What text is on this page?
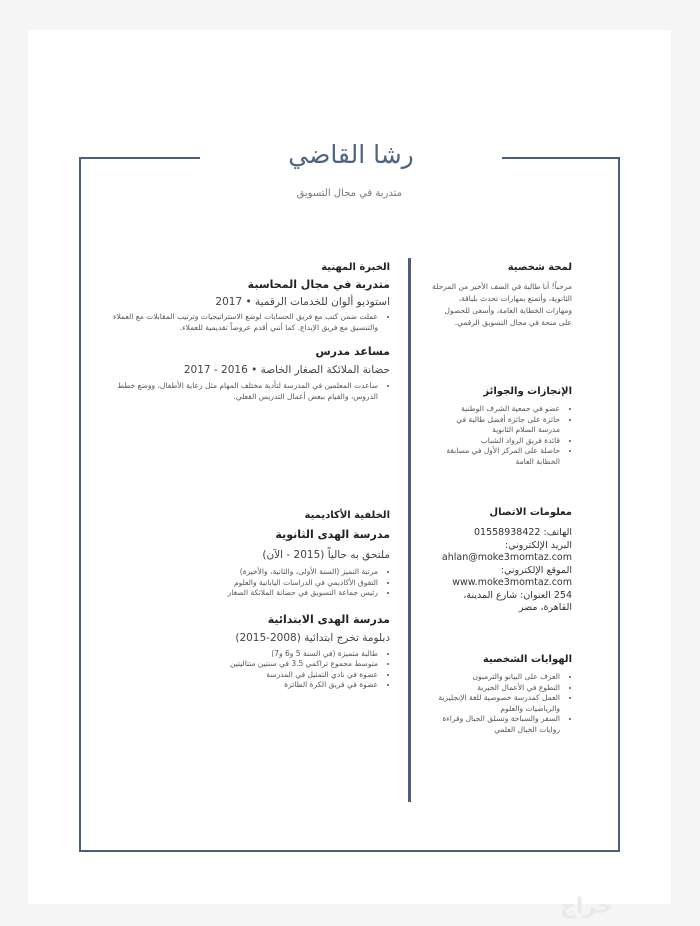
رشا القاضي
متدربة في مجال التسويق
لمحة شخصية
مرحباً! أنا طالبة في الصف الأخير من المرحلة الثانوية، وأتمتع بمهارات تحدث بلباقة، ومهارات الخطابة العامة، وأسعى للحصول على منحة في مجال التسويق الرقمي.
الإنجازات والجوائز
• عضو في جمعية الشرف الوطنية
• حائزة على جائزة أفضل طالبة في مدرسة السلام الثانوية
• قائدة فريق الرواد الشباب
• حاصلة على المركز الأول في مسابقة الخطابة العامة
معلومات الاتصال
الهاتف: 01558938422
البريد الإلكتروني:
ahlan@moke3momtaz.com
الموقع الإلكتروني:
www.moke3momtaz.com
254 العنوان: شارع المدينة، القاهرة، مصر
الهوايات الشخصية
• العزف على البيانو والترمبون
• التطوع في الأعمال الخيرية
• العمل كمدرسة خصوصية للغة الإنجليزية والرياضيات والعلوم
• السفر والسباحة وتسلق الجبال وقراءة روايات الخيال العلمي
الخبرة المهنية
متدربة في مجال المحاسبة
استوديو ألوان للخدمات الرقمية • 2017
• عملت ضمن كتب مع فريق الحسابات لوضع الاستراتيجيات وترتيب المقابلات مع العملاء والتنسيق مع فريق الإبداع. كما أنني أقدم عروضاً تقديمية للعملاء.
مساعد مدرس
حضانة الملائكة الصغار الخاصة • 2016 - 2017
• ساعدت المعلمين في المدرسة لتأدية مختلف المهام مثل رعاية الأطفال، ووضع خطط الدروس، والقيام ببعض أعمال التدريس الفعلي.
الخلفية الأكاديمية
مدرسة الهدى الثانوية
ملتحق به حالياً (2015 - الآن)
• مرتبة التميز (السنة الأولى، والثانية، والأخيرة)
• التفوق الأكاديمي في الدراسات اليابانية والعلوم
• رئيس جماعة التسويق في حضانة الملائكة الصغار
مدرسة الهدى الابتدائية
دبلومة تخرج ابتدائية (2008-2015)
• طالبة متميزة (في السنة 5 و6 و7)
• متوسط مجموع تراكمي 3.5 في سنتين متتاليتين
• عضوة في نادي التمثيل في المدرسة
• عضوة في فريق الكرة الطائرة
حراج
